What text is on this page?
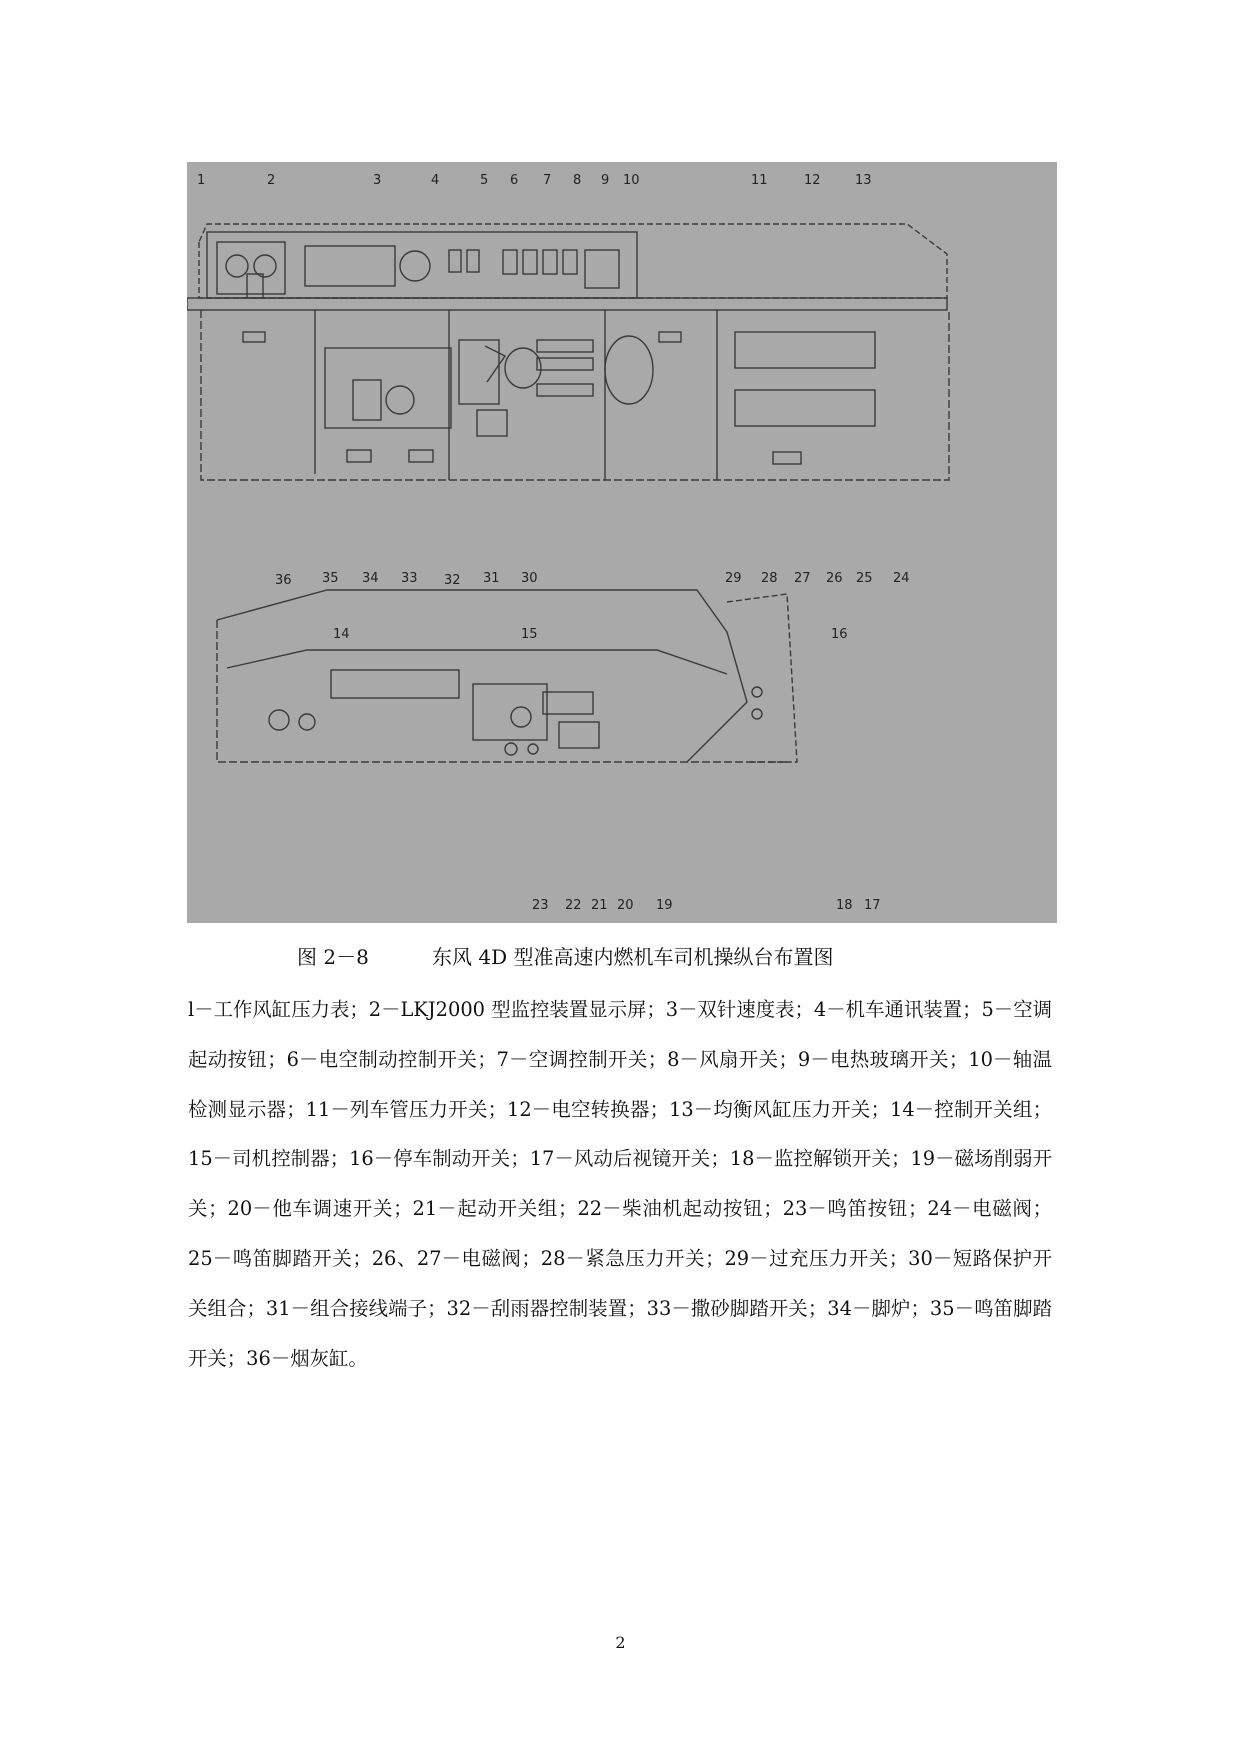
1	2	3	4	5 6 7 8 9 10	11	12	13
36 35 34 33 32 31 30	29 28 27 26 25 24
14	15	16
23 22 21 20 19	18 17
图 2－8	东风 4D 型准高速内燃机车司机操纵台布置图

l－工作风缸压力表；2－LKJ2000 型监控装置显示屏；3－双针速度表；4－机车通讯装置；5－空调起动按钮；6－电空制动控制开关；7－空调控制开关；8－风扇开关；9－电热玻璃开关；10－轴温检测显示器；11－列车管压力开关；12－电空转换器；13－均衡风缸压力开关；14－控制开关组；15－司机控制器；16－停车制动开关；17－风动后视镜开关；18－监控解锁开关；19－磁场削弱开关；20－他车调速开关；21－起动开关组；22－柴油机起动按钮；23－鸣笛按钮；24－电磁阀；25－鸣笛脚踏开关；26、27－电磁阀；28－紧急压力开关；29－过充压力开关；30－短路保护开关组合；31－组合接线端子；32－刮雨器控制装置；33－撒砂脚踏开关；34－脚炉；35－鸣笛脚踏开关；36－烟灰缸。

2
